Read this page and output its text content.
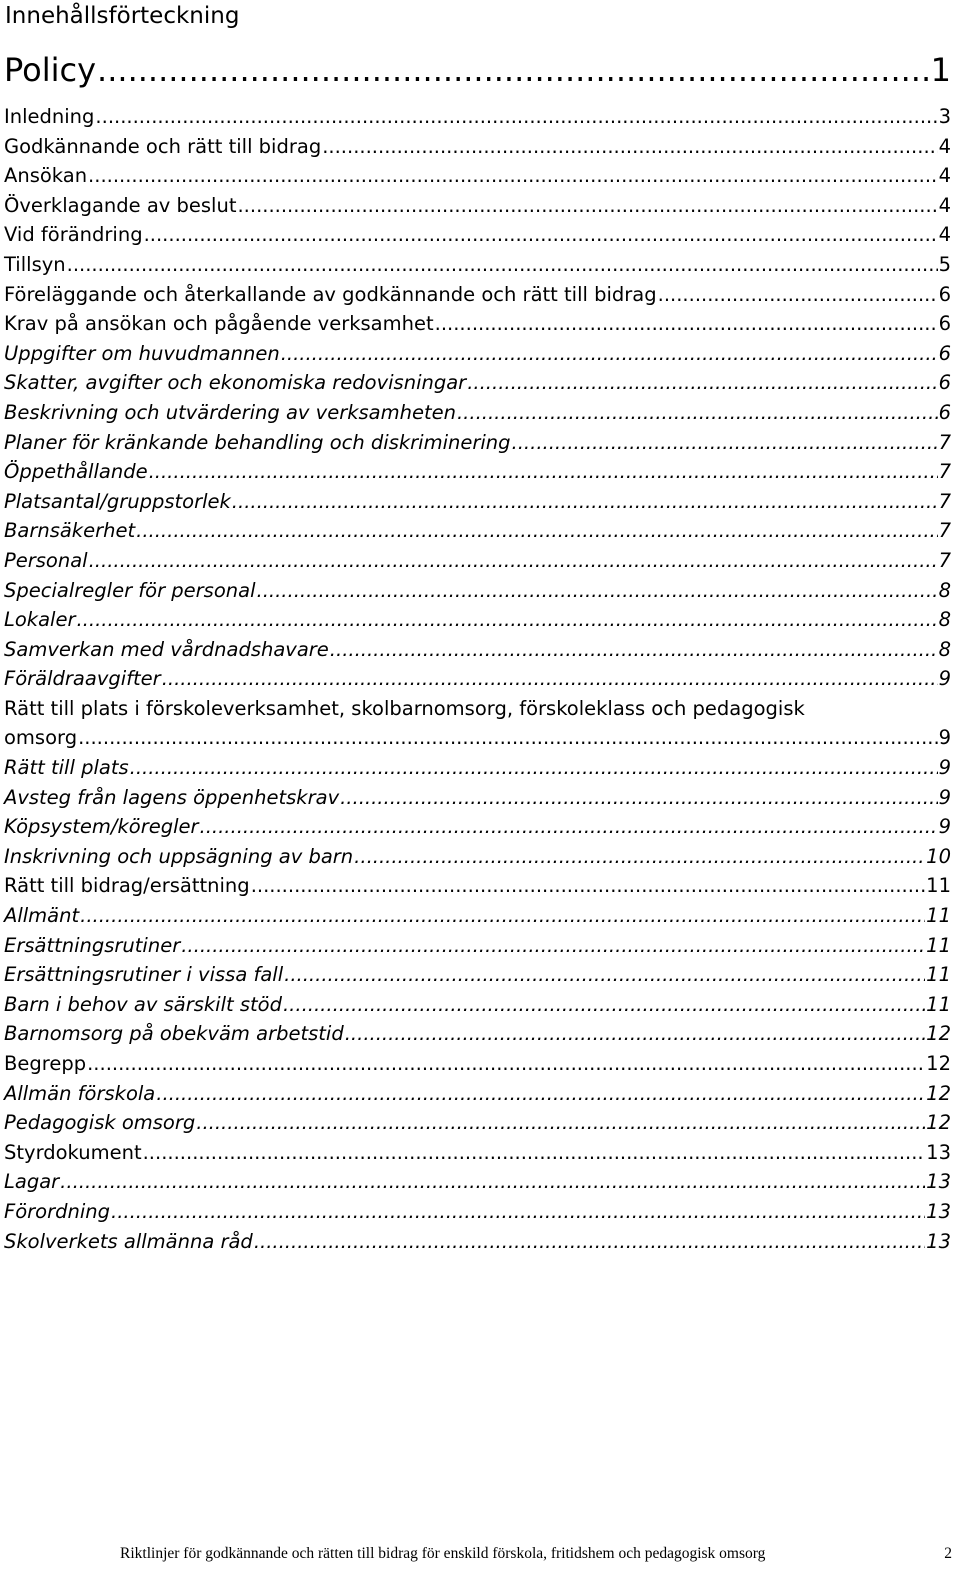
Innehållsförteckning
Policy .....	1
Inledning .....	3
Godkännande och rätt till bidrag .....	4
Ansökan .....	4
Överklagande av beslut .....	4
Vid förändring .....	4
Tillsyn .....	5
Föreläggande och återkallande av godkännande och rätt till bidrag .....	6
Krav på ansökan och pågående verksamhet .....	6
Uppgifter om huvudmannen .....	6
Skatter, avgifter och ekonomiska redovisningar .....	6
Beskrivning och utvärdering av verksamheten .....	6
Planer för kränkande behandling och diskriminering .....	7
Öppethållande .....	7
Platsantal/gruppstorlek .....	7
Barnsäkerhet .....	7
Personal .....	7
Specialregler för personal .....	8
Lokaler .....	8
Samverkan med vårdnadshavare .....	8
Föräldraavgifter .....	9
Rätt till plats i förskoleverksamhet, skolbarnomsorg, förskoleklass och pedagogisk
omsorg .....	9
Rätt till plats .....	9
Avsteg från lagens öppenhetskrav .....	9
Köpsystem/köregler .....	9
Inskrivning och uppsägning av barn .....	10
Rätt till bidrag/ersättning .....	11
Allmänt .....	11
Ersättningsrutiner .....	11
Ersättningsrutiner i vissa fall .....	11
Barn i behov av särskilt stöd .....	11
Barnomsorg på obekväm arbetstid .....	12
Begrepp .....	12
Allmän förskola .....	12
Pedagogisk omsorg .....	12
Styrdokument .....	13
Lagar .....	13
Förordning .....	13
Skolverkets allmänna råd .....	13
Riktlinjer för godkännande och rätten till bidrag för enskild förskola, fritidshem och pedagogisk omsorg	2
